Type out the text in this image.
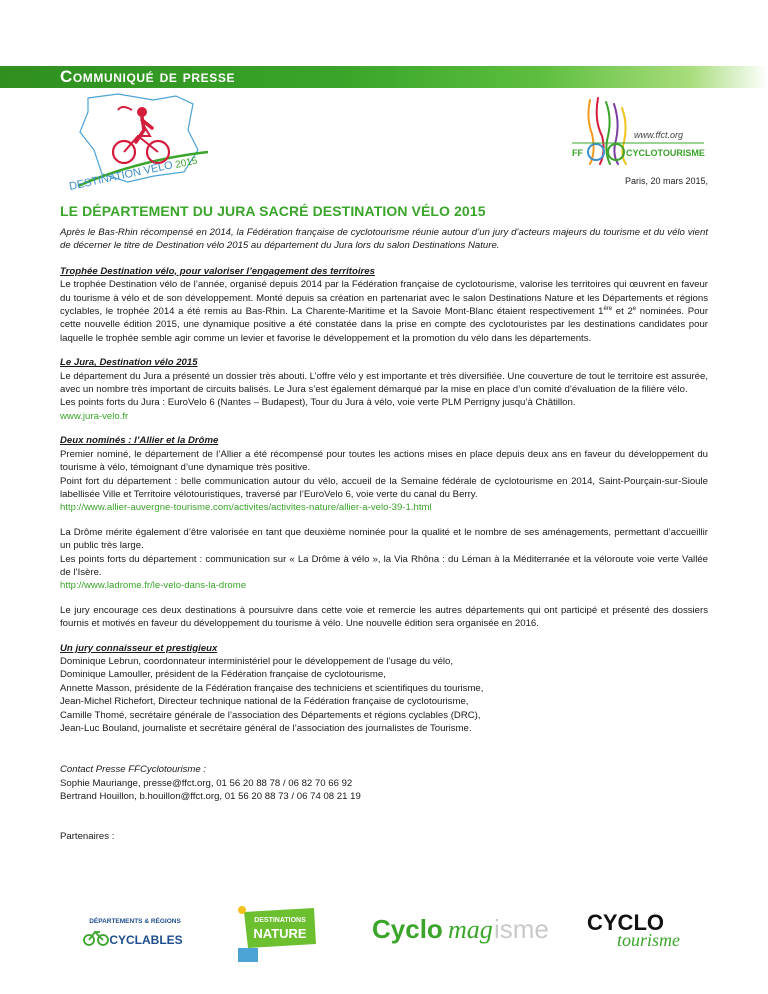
Communiqué de presse
DESTINATION VÉLO 2015
www.ffct.org
FF	CYCLOTOURISME
Paris, 20 mars 2015,
LE DÉPARTEMENT DU JURA SACRÉ DESTINATION VÉLO 2015

Après le Bas-Rhin récompensé en 2014, la Fédération française de cyclotourisme réunie autour d’un jury d’acteurs majeurs du tourisme et du vélo vient de décerner le titre de Destination vélo 2015 au département du Jura lors du salon Destinations Nature.

Trophée Destination vélo, pour valoriser l’engagement des territoires

Le trophée Destination vélo de l’année, organisé depuis 2014 par la Fédération française de cyclotourisme, valorise les territoires qui œuvrent en faveur du tourisme à vélo et de son développement. Monté depuis sa création en partenariat avec le salon Destinations Nature et les Départements et régions cyclables, le trophée 2014 a été remis au Bas-Rhin. La Charente-Maritime et la Savoie Mont-Blanc étaient respectivement 1ère et 2e nominées. Pour cette nouvelle édition 2015, une dynamique positive a été constatée dans la prise en compte des cyclotouristes par les destinations candidates pour laquelle le trophée semble agir comme un levier et favorise le développement et la promotion du vélo dans les départements.

Le Jura, Destination vélo 2015

Le département du Jura a présenté un dossier très abouti. L’offre vélo y est importante et très diversifiée. Une couverture de tout le territoire est assurée, avec un nombre très important de circuits balisés. Le Jura s’est également démarqué par la mise en place d’un comité d’évaluation de la filière vélo.

Les points forts du Jura : EuroVelo 6 (Nantes – Budapest), Tour du Jura à vélo, voie verte PLM Perrigny jusqu’à Châtillon.

www.jura-velo.fr
Deux nominés : l’Allier et la Drôme

Premier nominé, le département de l’Allier a été récompensé pour toutes les actions mises en place depuis deux ans en faveur du développement du tourisme à vélo, témoignant d’une dynamique très positive.

Point fort du département : belle communication autour du vélo, accueil de la Semaine fédérale de cyclotourisme en 2014, Saint-Pourçain-sur-Sioule labellisée Ville et Territoire vélotouristiques, traversé par l’EuroVelo 6, voie verte du canal du Berry.

http://www.allier-auvergne-tourisme.com/activites/activites-nature/allier-a-velo-39-1.html

La Drôme mérite également d’être valorisée en tant que deuxième nominée pour la qualité et le nombre de ses aménagements, permettant d’accueillir un public très large.

Les points forts du département : communication sur « La Drôme à vélo », la Via Rhôna : du Léman à la Méditerranée et la véloroute voie verte Vallée de l’Isère.

http://www.ladrome.fr/le-velo-dans-la-drome

Le jury encourage ces deux destinations à poursuivre dans cette voie et remercie les autres départements qui ont participé et présenté des dossiers fournis et motivés en faveur du développement du tourisme à vélo. Une nouvelle édition sera organisée en 2016.

Un jury connaisseur et prestigieux
Dominique Lebrun, coordonnateur interministériel pour le développement de l’usage du vélo,
Dominique Lamouller, président de la Fédération française de cyclotourisme,
Annette Masson, présidente de la Fédération française des techniciens et scientifiques du tourisme,
Jean-Michel Richefort, Directeur technique national de la Fédération française de cyclotourisme,
Camille Thomé, secrétaire générale de l’association des Départements et régions cyclables (DRC),
Jean-Luc Bouland, journaliste et secrétaire général de l’association des journalistes de Tourisme.
Contact Presse FFCyclotourisme :
Sophie Mauriange, presse@ffct.org, 01 56 20 88 78 / 06 82 70 66 92
Bertrand Houillon, b.houillon@ffct.org, 01 56 20 88 73 / 06 74 08 21 19
Partenaires :
DÉPARTEMENTS & RÉGIONS
CYCLABLES
DESTINATIONS
NATURE	Cyclo mag isme CYCLO
tourisme
